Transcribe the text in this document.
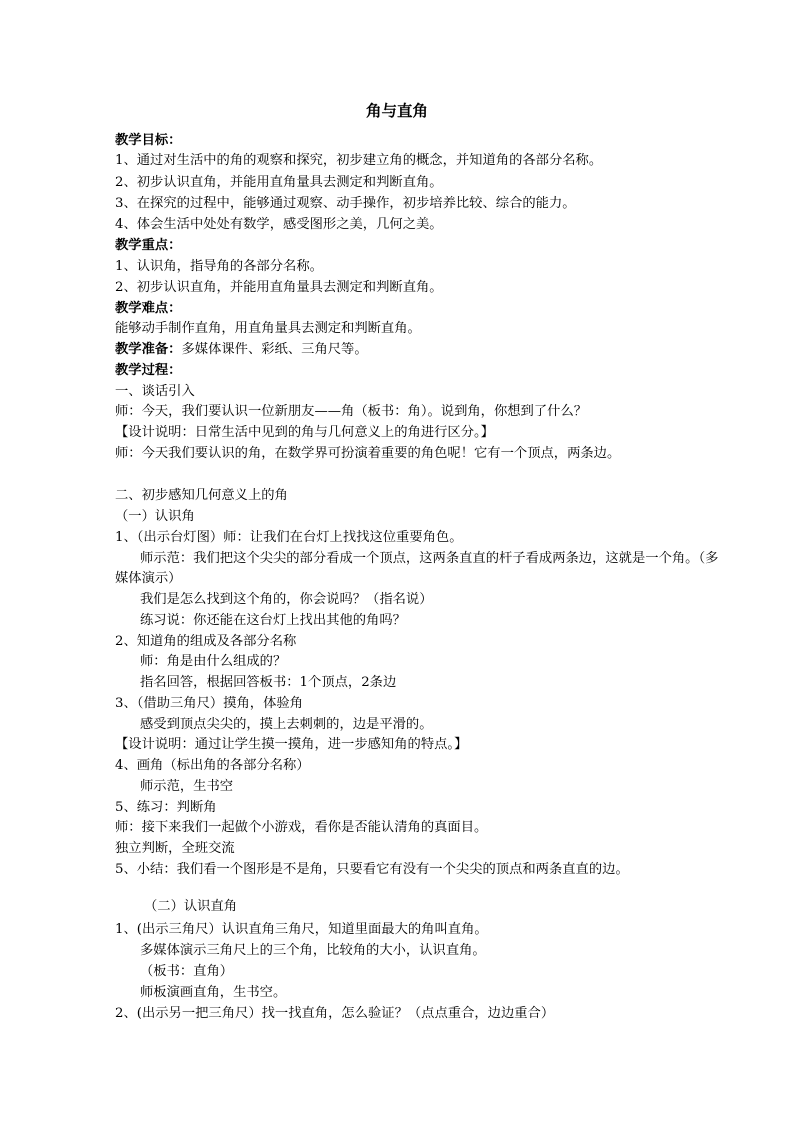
角与直角
教学目标：
1、通过对生活中的角的观察和探究，初步建立角的概念，并知道角的各部分名称。
2、初步认识直角，并能用直角量具去测定和判断直角。
3、在探究的过程中，能够通过观察、动手操作，初步培养比较、综合的能力。
4、体会生活中处处有数学，感受图形之美，几何之美。
教学重点：
1、认识角，指导角的各部分名称。
2、初步认识直角，并能用直角量具去测定和判断直角。
教学难点：
能够动手制作直角，用直角量具去测定和判断直角。
教学准备：多媒体课件、彩纸、三角尺等。
教学过程：
一、谈话引入
师：今天，我们要认识一位新朋友——角（板书：角）。说到角，你想到了什么？
【设计说明：日常生活中见到的角与几何意义上的角进行区分。】
师：今天我们要认识的角，在数学界可扮演着重要的角色呢！它有一个顶点，两条边。
二、初步感知几何意义上的角
（一）认识角
1、（出示台灯图）师：让我们在台灯上找找这位重要角色。
师示范：我们把这个尖尖的部分看成一个顶点，这两条直直的杆子看成两条边，这就是一个角。（多
媒体演示）
我们是怎么找到这个角的，你会说吗？（指名说）
练习说：你还能在这台灯上找出其他的角吗？
2、知道角的组成及各部分名称
师：角是由什么组成的？
指名回答，根据回答板书：1个顶点，2条边
3、（借助三角尺）摸角，体验角
感受到顶点尖尖的，摸上去刺刺的，边是平滑的。
【设计说明：通过让学生摸一摸角，进一步感知角的特点。】
4、画角（标出角的各部分名称）
师示范，生书空
5、练习：判断角
师：接下来我们一起做个小游戏，看你是否能认清角的真面目。
独立判断，全班交流
5、小结：我们看一个图形是不是角，只要看它有没有一个尖尖的顶点和两条直直的边。
（二）认识直角
1、(出示三角尺）认识直角三角尺，知道里面最大的角叫直角。
多媒体演示三角尺上的三个角，比较角的大小，认识直角。
（板书：直角）
师板演画直角，生书空。
2、(出示另一把三角尺）找一找直角，怎么验证？（点点重合，边边重合）
